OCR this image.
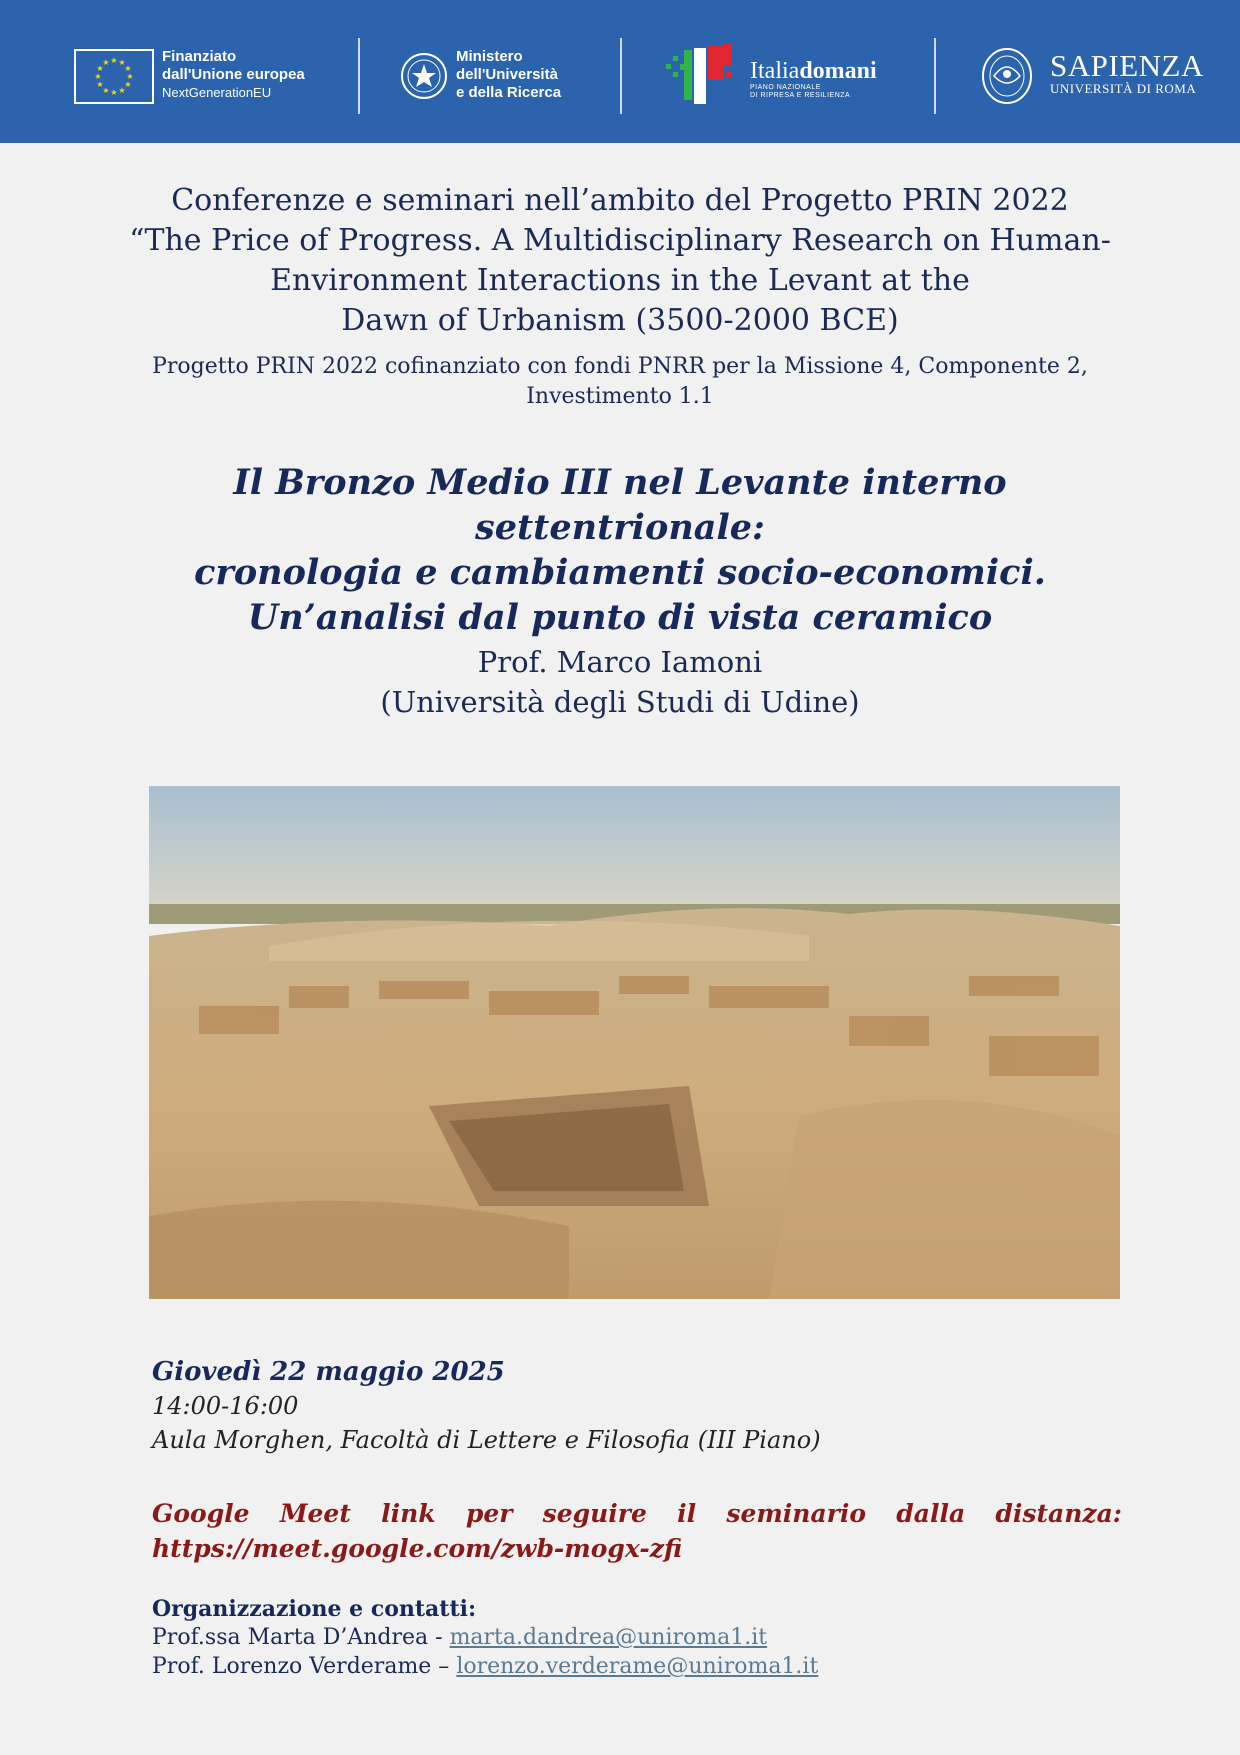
★ ★
★
★
★
★
★
★
★
★
★
★	Finanziato
dall'Unione europea
NextGenerationEU
Ministero
dell'Università
e della Ricerca
Italiadomani
PIANO NAZIONALE
DI RIPRESA E RESILIENZA
SAPIENZA
UNIVERSITÀ DI ROMA

Conferenze e seminari nell’ambito del Progetto PRIN 2022
“The Price of Progress. A Multidisciplinary Research on Human-
Environment Interactions in the Levant at the
Dawn of Urbanism (3500-2000 BCE)

Progetto PRIN 2022 cofinanziato con fondi PNRR per la Missione 4, Componente 2,
Investimento 1.1

Il Bronzo Medio III nel Levante interno settentrionale:
cronologia e cambiamenti socio-economici.
Un’analisi dal punto di vista ceramico

Prof. Marco Iamoni
(Università degli Studi di Udine)

Giovedì 22 maggio 2025

14:00-16:00

Aula Morghen, Facoltà di Lettere e Filosofia (III Piano)

Google Meet link per seguire il seminario dalla distanza:

https://meet.google.com/zwb-mogx-zfi

Organizzazione e contatti:

Prof.ssa Marta D’Andrea - marta.dandrea@uniroma1.it

Prof. Lorenzo Verderame – lorenzo.verderame@uniroma1.it
